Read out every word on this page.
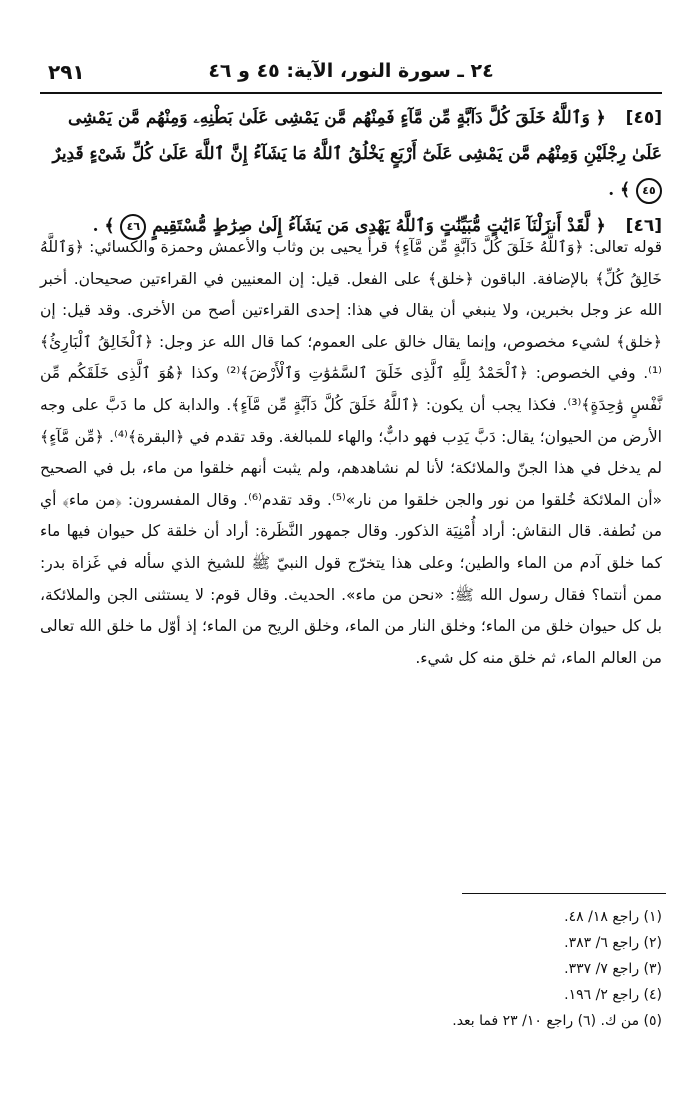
٢٩١	٢٤ ـ سورة النور، الآية: ٤٥ و ٤٦
[٤٥] ﴿ وَٱللَّهُ خَلَقَ كُلَّ دَآبَّةٍ مِّن مَّآءٍ فَمِنْهُم مَّن يَمْشِى عَلَىٰ بَطْنِهِۦ وَمِنْهُم مَّن يَمْشِى عَلَىٰ رِجْلَيْنِ وَمِنْهُم مَّن يَمْشِى عَلَىٰٓ أَرْبَعٍ يَخْلُقُ ٱللَّهُ مَا يَشَآءُ إِنَّ ٱللَّهَ عَلَىٰ كُلِّ شَىْءٍ قَدِيرٌ ٤٥ ﴾ .
[٤٦] ﴿ لَّقَدْ أَنزَلْنَآ ءَايَٰتٍ مُّبَيِّنَٰتٍ وَٱللَّهُ يَهْدِى مَن يَشَآءُ إِلَىٰ صِرَٰطٍ مُّسْتَقِيمٍ ٤٦ ﴾ .

قوله تعالى: ﴿وَٱللَّهُ خَلَقَ كُلَّ دَآبَّةٍ مِّن مَّآءٍ﴾ قرأ يحيى بن وثاب والأعمش وحمزة والكسائي: ﴿وَٱللَّهُ خَالِقُ كُلِّ﴾ بالإضافة. الباقون ﴿خلق﴾ على الفعل. قيل: إن المعنيين في القراءتين صحيحان. أخبر الله عز وجل بخبرين، ولا ينبغي أن يقال في هذا: إحدى القراءتين أصح من الأخرى. وقد قيل: إن ﴿خلق﴾ لشيء مخصوص، وإنما يقال خالق على العموم؛ كما قال الله عز وجل: ﴿ٱلْخَالِقُ ٱلْبَارِئُ﴾⁽¹⁾. وفي الخصوص: ﴿ٱلْحَمْدُ لِلَّهِ ٱلَّذِى خَلَقَ ٱلسَّمَٰوَٰتِ وَٱلْأَرْضَ﴾⁽²⁾ وكذا ﴿هُوَ ٱلَّذِى خَلَقَكُم مِّن نَّفْسٍ وَٰحِدَةٍ﴾⁽³⁾. فكذا يجب أن يكون: ﴿ٱللَّهُ خَلَقَ كُلَّ دَآبَّةٍ مِّن مَّآءٍ﴾. والدابة كل ما دَبَّ على وجه الأرض من الحيوان؛ يقال: دَبَّ يَدِب فهو دابٌّ؛ والهاء للمبالغة. وقد تقدم في ﴿البقرة﴾⁽⁴⁾. ﴿مِّن مَّآءٍ﴾ لم يدخل في هذا الجنّ والملائكة؛ لأنا لم نشاهدهم، ولم يثبت أنهم خلقوا من ماء، بل في الصحيح «أن الملائكة خُلقوا من نور والجن خلقوا من نار»⁽⁵⁾. وقد تقدم⁽⁶⁾. وقال المفسرون: ﴿من ماء﴾ أي من نُطفة. قال النقاش: أراد أُمْنِيَة الذكور. وقال جمهور النَّظَرة: أراد أن خلقة كل حيوان فيها ماء كما خلق آدم من الماء والطين؛ وعلى هذا يتخرّج قول النبيّ ﷺ للشيخ الذي سأله في غَزاة بدر: ممن أنتما؟ فقال رسول الله ﷺ: «نحن من ماء». الحديث. وقال قوم: لا يستثنى الجن والملائكة، بل كل حيوان خلق من الماء؛ وخلق النار من الماء، وخلق الريح من الماء؛ إذ أوّل ما خلق الله تعالى من العالم الماء، ثم خلق منه كل شيء.

(١) راجع ١٨/ ٤٨.
(٢) راجع ٦/ ٣٨٣.
(٣) راجع ٧/ ٣٣٧.
(٤) راجع ٢/ ١٩٦.
(٥) من ك. (٦) راجع ١٠/ ٢٣ فما بعد.
